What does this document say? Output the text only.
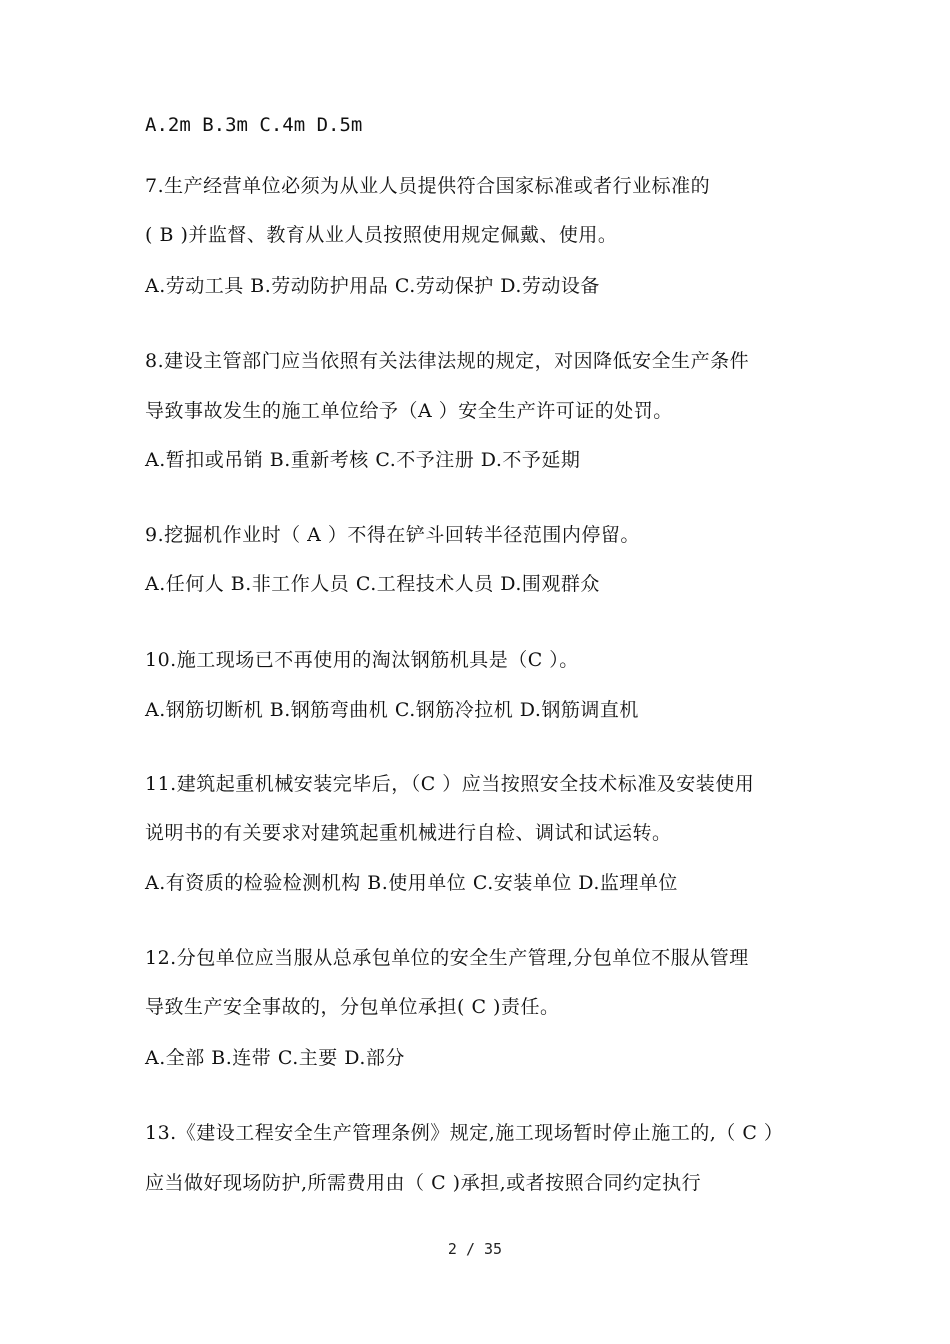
A.2m B.3m C.4m D.5m
7.生产经营单位必须为从业人员提供符合国家标准或者行业标准的
( B )并监督、教育从业人员按照使用规定佩戴、使用。
A.劳动工具 B.劳动防护用品 C.劳动保护 D.劳动设备
8.建设主管部门应当依照有关法律法规的规定，对因降低安全生产条件
导致事故发生的施工单位给予（A ）安全生产许可证的处罚。
A.暂扣或吊销 B.重新考核 C.不予注册 D.不予延期
9.挖掘机作业时（ A ）不得在铲斗回转半径范围内停留。
A.任何人 B.非工作人员 C.工程技术人员 D.围观群众
10.施工现场已不再使用的淘汰钢筋机具是（C ）。
A.钢筋切断机 B.钢筋弯曲机 C.钢筋冷拉机 D.钢筋调直机
11.建筑起重机械安装完毕后，（C ）应当按照安全技术标准及安装使用
说明书的有关要求对建筑起重机械进行自检、调试和试运转。
A.有资质的检验检测机构 B.使用单位 C.安装单位 D.监理单位
12.分包单位应当服从总承包单位的安全生产管理,分包单位不服从管理
导致生产安全事故的，分包单位承担( C )责任。
A.全部 B.连带 C.主要 D.部分
13.《建设工程安全生产管理条例》规定,施工现场暂时停止施工的,（ C ）
应当做好现场防护,所需费用由（ C )承担,或者按照合同约定执行
2 / 35
